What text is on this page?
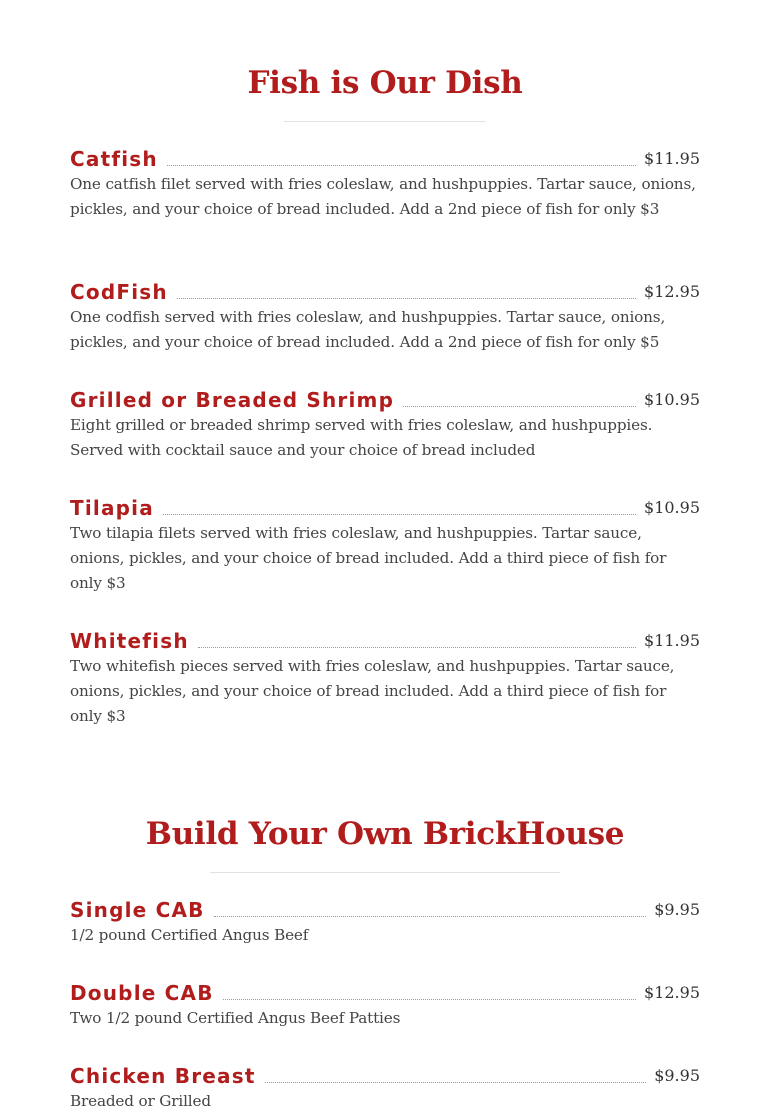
Fish is Our Dish
Catfish	$11.95

One catfish filet served with fries coleslaw, and hushpuppies. Tartar sauce, onions, pickles, and your choice of bread included. Add a 2nd piece of fish for only $3

CodFish	$12.95

One codfish served with fries coleslaw, and hushpuppies. Tartar sauce, onions, pickles, and your choice of bread included. Add a 2nd piece of fish for only $5

Grilled or Breaded Shrimp	$10.95

Eight grilled or breaded shrimp served with fries coleslaw, and hushpuppies. Served with cocktail sauce and your choice of bread included

Tilapia	$10.95

Two tilapia filets served with fries coleslaw, and hushpuppies. Tartar sauce, onions, pickles, and your choice of bread included. Add a third piece of fish for only $3

Whitefish	$11.95

Two whitefish pieces served with fries coleslaw, and hushpuppies. Tartar sauce, onions, pickles, and your choice of bread included. Add a third piece of fish for only $3

Build Your Own BrickHouse
Single CAB	$9.95

1/2 pound Certified Angus Beef

Double CAB	$12.95

Two 1/2 pound Certified Angus Beef Patties

Chicken Breast	$9.95

Breaded or Grilled
